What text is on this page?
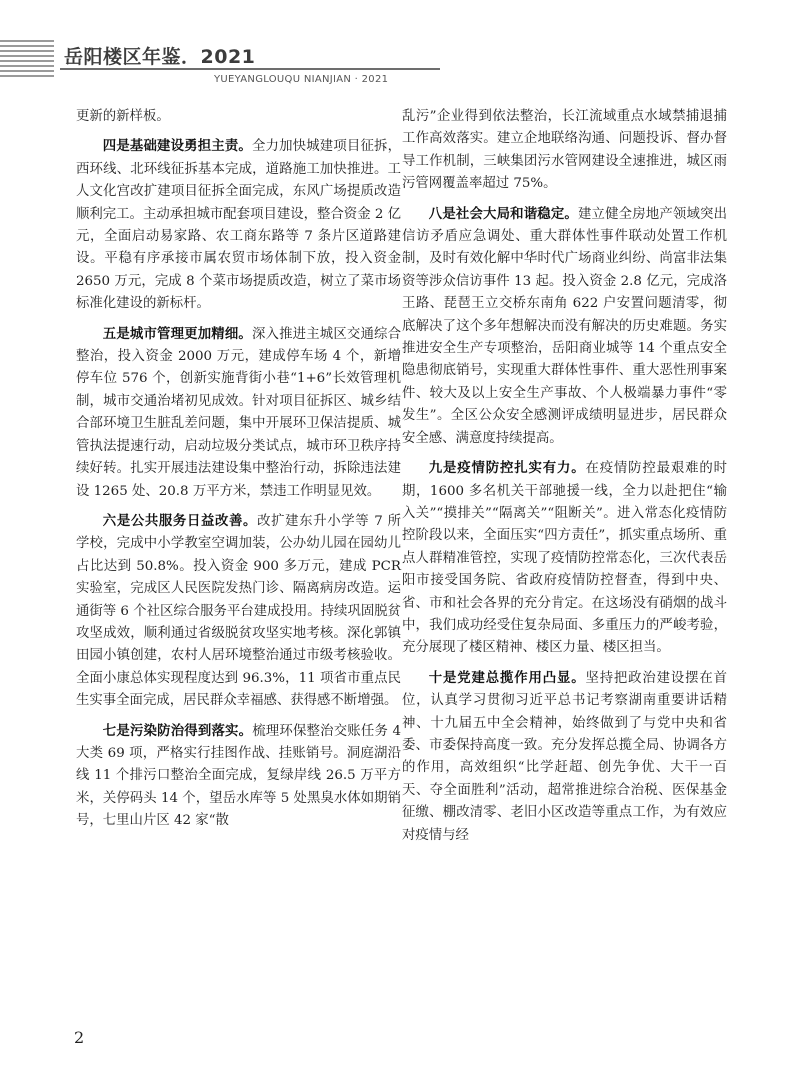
岳阳楼区年鉴．2021
YUEYANGLOUQU NIANJIAN · 2021

更新的新样板。

四是基础建设勇担主责。全力加快城建项目征拆，西环线、北环线征拆基本完成，道路施工加快推进。工人文化宫改扩建项目征拆全面完成，东风广场提质改造顺利完工。主动承担城市配套项目建设，整合资金 2 亿元，全面启动易家路、农工商东路等 7 条片区道路建设。平稳有序承接市属农贸市场体制下放，投入资金 2650 万元，完成 8 个菜市场提质改造，树立了菜市场标准化建设的新标杆。

五是城市管理更加精细。深入推进主城区交通综合整治，投入资金 2000 万元，建成停车场 4 个，新增停车位 576 个，创新实施背街小巷“1+6”长效管理机制，城市交通治堵初见成效。针对项目征拆区、城乡结合部环境卫生脏乱差问题，集中开展环卫保洁提质、城管执法提速行动，启动垃圾分类试点，城市环卫秩序持续好转。扎实开展违法建设集中整治行动，拆除违法建设 1265 处、20.8 万平方米，禁违工作明显见效。

六是公共服务日益改善。改扩建东升小学等 7 所学校，完成中小学教室空调加装，公办幼儿园在园幼儿占比达到 50.8%。投入资金 900 多万元，建成 PCR 实验室，完成区人民医院发热门诊、隔离病房改造。运通街等 6 个社区综合服务平台建成投用。持续巩固脱贫攻坚成效，顺利通过省级脱贫攻坚实地考核。深化郭镇田园小镇创建，农村人居环境整治通过市级考核验收。全面小康总体实现程度达到 96.3%，11 项省市重点民生实事全面完成，居民群众幸福感、获得感不断增强。

七是污染防治得到落实。梳理环保整治交账任务 4 大类 69 项，严格实行挂图作战、挂账销号。洞庭湖沿线 11 个排污口整治全面完成，复绿岸线 26.5 万平方米，关停码头 14 个，望岳水库等 5 处黑臭水体如期销号，七里山片区 42 家“散

乱污”企业得到依法整治，长江流域重点水域禁捕退捕工作高效落实。建立企地联络沟通、问题投诉、督办督导工作机制，三峡集团污水管网建设全速推进，城区雨污管网覆盖率超过 75%。

八是社会大局和谐稳定。建立健全房地产领域突出信访矛盾应急调处、重大群体性事件联动处置工作机制，及时有效化解中华时代广场商业纠纷、尚富非法集资等涉众信访事件 13 起。投入资金 2.8 亿元，完成洛王路、琵琶王立交桥东南角 622 户安置问题清零，彻底解决了这个多年想解决而没有解决的历史难题。务实推进安全生产专项整治，岳阳商业城等 14 个重点安全隐患彻底销号，实现重大群体性事件、重大恶性刑事案件、较大及以上安全生产事故、个人极端暴力事件“零发生”。全区公众安全感测评成绩明显进步，居民群众安全感、满意度持续提高。

九是疫情防控扎实有力。在疫情防控最艰难的时期，1600 多名机关干部驰援一线，全力以赴把住“输入关”“摸排关”“隔离关”“阻断关”。进入常态化疫情防控阶段以来，全面压实“四方责任”，抓实重点场所、重点人群精准管控，实现了疫情防控常态化，三次代表岳阳市接受国务院、省政府疫情防控督查，得到中央、省、市和社会各界的充分肯定。在这场没有硝烟的战斗中，我们成功经受住复杂局面、多重压力的严峻考验，充分展现了楼区精神、楼区力量、楼区担当。

十是党建总揽作用凸显。坚持把政治建设摆在首位，认真学习贯彻习近平总书记考察湖南重要讲话精神、十九届五中全会精神，始终做到了与党中央和省委、市委保持高度一致。充分发挥总揽全局、协调各方的作用，高效组织“比学赶超、创先争优、大干一百天、夺全面胜利”活动，超常推进综合治税、医保基金征缴、棚改清零、老旧小区改造等重点工作，为有效应对疫情与经

2
